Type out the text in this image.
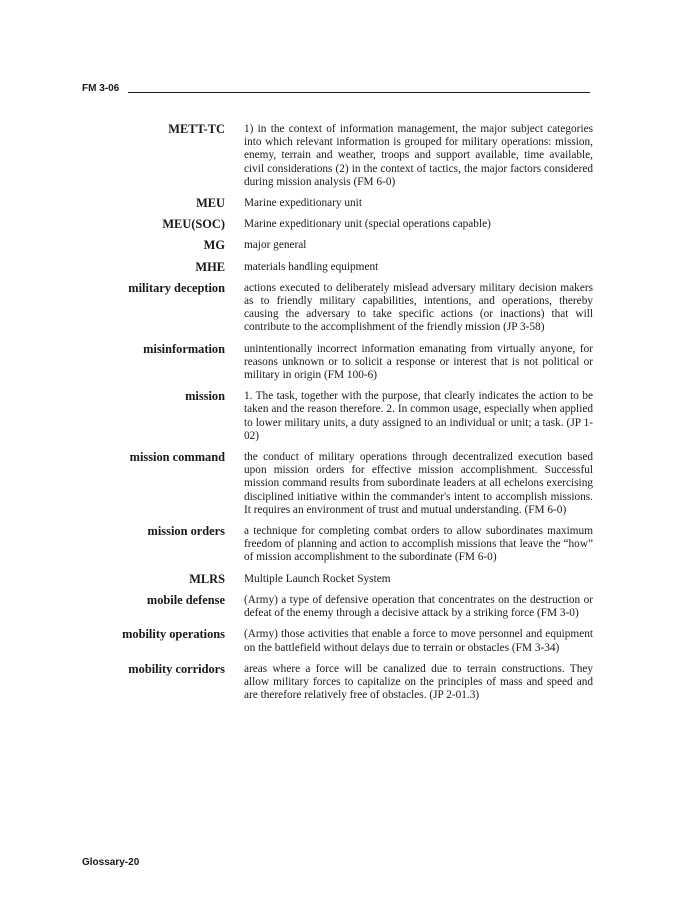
FM 3-06
METT-TC 1) in the context of information management, the major subject categories into which relevant information is grouped for military operations: mission, enemy, terrain and weather, troops and support available, time available, civil considerations (2) in the context of tactics, the major factors considered during mission analysis (FM 6-0)
MEU Marine expeditionary unit
MEU(SOC) Marine expeditionary unit (special operations capable)
MG major general
MHE materials handling equipment
military deception actions executed to deliberately mislead adversary military decision makers as to friendly military capabilities, intentions, and operations, thereby causing the adversary to take specific actions (or inactions) that will contribute to the accomplishment of the friendly mission (JP 3-58)
misinformation unintentionally incorrect information emanating from virtually anyone, for reasons unknown or to solicit a response or interest that is not political or military in origin (FM 100-6)
mission 1. The task, together with the purpose, that clearly indicates the action to be taken and the reason therefore. 2. In common usage, especially when applied to lower military units, a duty assigned to an individual or unit; a task. (JP 1-02)
mission command the conduct of military operations through decentralized execution based upon mission orders for effective mission accomplishment. Successful mission command results from subordinate leaders at all echelons exercising disciplined initiative within the commander's intent to accomplish missions. It requires an environment of trust and mutual understanding. (FM 6-0)
mission orders a technique for completing combat orders to allow subordinates maximum freedom of planning and action to accomplish missions that leave the “how” of mission accomplishment to the subordinate (FM 6-0)
MLRS Multiple Launch Rocket System
mobile defense (Army) a type of defensive operation that concentrates on the destruction or defeat of the enemy through a decisive attack by a striking force (FM 3-0)
mobility operations (Army) those activities that enable a force to move personnel and equipment on the battlefield without delays due to terrain or obstacles (FM 3-34)
mobility corridors areas where a force will be canalized due to terrain constructions. They allow military forces to capitalize on the principles of mass and speed and are therefore relatively free of obstacles. (JP 2-01.3)
Glossary-20
